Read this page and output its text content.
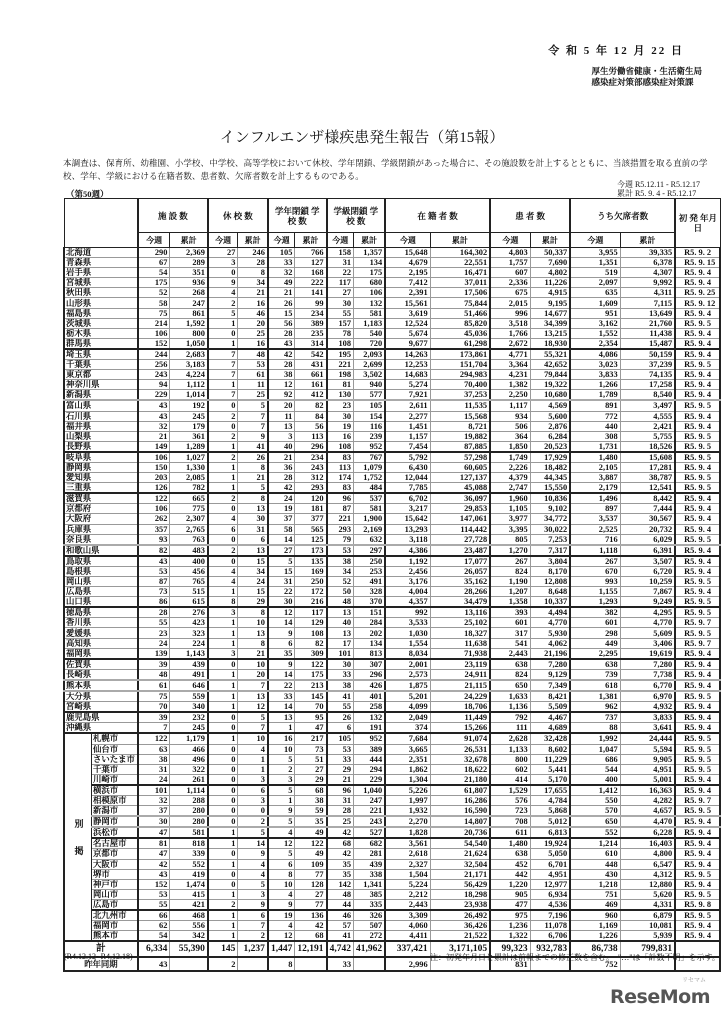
令 和 5 年 12 月 22 日
厚生労働省健康・生活衛生局
感染症対策部感染症対策課
インフルエンザ様疾患発生報告（第15報）
本調査は、保育所、幼稚園、小学校、中学校、高等学校において休校、学年閉鎖、学級閉鎖があった場合に、その施設数を計上するとともに、当該措置を取る直前の学校、学年、学級における在籍者数、患者数、欠席者数を計上するものである。
（第50週）
今週 R5.12.11 - R5.12.17
累計 R5. 9. 4 - R5.12.17
		施 設 数		休 校 数		学年閉鎖 学 校 数		学級閉鎖 学 校 数		在 籍 者 数		患 者 数		うち欠席者数		初 発 年月日
		今週	累計	今週	累計	今週	累計	今週	累計	今週	累計	今週	累計	今週	累計	
北海道		290	2,369	27	246	105	766	158	1,357	15,648	164,302	4,803	50,337	3,955	39,335	R5. 9. 2
青森県		67	289	3	28	33	127	31	134	4,679	22,551	1,757	7,690	1,351	6,378	R5. 9. 15
岩手県		54	351	0	8	32	168	22	175	2,195	16,471	607	4,802	519	4,307	R5. 9. 4
宮城県		175	936	9	34	49	222	117	680	7,412	37,011	2,336	11,226	2,097	9,992	R5. 9. 4
秋田県		52	268	4	21	21	141	27	106	2,391	17,506	675	4,915	635	4,311	R5. 9. 25
山形県		58	247	2	16	26	99	30	132	15,561	75,844	2,015	9,195	1,609	7,115	R5. 9. 12
福島県		75	861	5	46	15	234	55	581	3,619	51,466	996	14,677	951	13,649	R5. 9. 4
茨城県		214	1,592	1	20	56	389	157	1,183	12,524	85,820	3,518	34,399	3,162	21,760	R5. 9. 5
栃木県		106	800	0	25	28	235	78	540	5,674	45,036	1,766	13,215	1,552	11,438	R5. 9. 4
群馬県		152	1,050	1	16	43	314	108	720	9,677	61,298	2,672	18,930	2,354	15,487	R5. 9. 4
埼玉県		244	2,683	7	48	42	542	195	2,093	14,263	173,861	4,771	55,321	4,086	50,159	R5. 9. 4
千葉県		256	3,183	7	53	28	431	221	2,699	12,253	151,704	3,364	42,652	3,023	37,239	R5. 9. 5
東京都		243	4,224	7	61	38	661	198	3,502	14,683	294,983	4,231	79,844	3,833	74,135	R5. 9. 4
神奈川県		94	1,112	1	11	12	161	81	940	5,274	70,400	1,382	19,322	1,266	17,258	R5. 9. 4
新潟県		229	1,014	7	25	92	412	130	577	7,921	37,253	2,250	10,680	1,789	8,540	R5. 9. 4
富山県		43	192	0	5	20	82	23	105	2,611	11,535	1,117	4,569	891	3,497	R5. 9. 5
石川県		43	245	2	7	11	84	30	154	2,277	15,568	934	5,600	772	4,555	R5. 9. 4
福井県		32	179	0	7	13	56	19	116	1,451	8,721	506	2,876	440	2,421	R5. 9. 4
山梨県		21	361	2	9	3	113	16	239	1,157	19,882	364	6,284	308	5,755	R5. 9. 5
長野県		149	1,289	1	41	40	296	108	952	7,454	87,885	1,850	20,523	1,731	18,526	R5. 9. 5
岐阜県		106	1,027	2	26	21	234	83	767	5,792	57,298	1,749	17,929	1,480	15,608	R5. 9. 5
静岡県		150	1,330	1	8	36	243	113	1,079	6,430	60,605	2,226	18,482	2,105	17,281	R5. 9. 4
愛知県		203	2,085	1	21	28	312	174	1,752	12,044	127,137	4,379	44,345	3,887	38,787	R5. 9. 5
三重県		126	782	1	5	42	293	83	484	7,785	45,088	2,747	15,550	2,179	12,541	R5. 9. 5
滋賀県		122	665	2	8	24	120	96	537	6,702	36,097	1,960	10,836	1,496	8,442	R5. 9. 4
京都府		106	775	0	13	19	181	87	581	3,217	29,853	1,105	9,102	897	7,444	R5. 9. 4
大阪府		262	2,307	4	30	37	377	221	1,900	15,642	147,061	3,977	34,772	3,537	30,567	R5. 9. 4
兵庫県		357	2,765	6	31	58	565	293	2,169	13,293	114,442	3,395	30,022	2,525	20,732	R5. 9. 4
奈良県		93	763	0	6	14	125	79	632	3,118	27,728	805	7,253	716	6,029	R5. 9. 5
和歌山県		82	483	2	13	27	173	53	297	4,386	23,487	1,270	7,317	1,118	6,391	R5. 9. 4
鳥取県		43	400	0	15	5	135	38	250	1,192	17,077	267	3,804	267	3,507	R5. 9. 4
島根県		53	456	4	34	15	169	34	253	2,456	26,057	824	8,170	670	6,720	R5. 9. 4
岡山県		87	765	4	24	31	250	52	491	3,176	35,162	1,190	12,808	993	10,259	R5. 9. 5
広島県		73	515	1	15	22	172	50	328	4,004	28,266	1,207	8,648	1,155	7,867	R5. 9. 4
山口県		86	615	8	29	30	216	48	370	4,357	34,479	1,358	10,337	1,293	9,249	R5. 9. 5
徳島県		28	276	3	8	12	117	13	151	992	13,116	393	4,494	382	4,295	R5. 9. 5
香川県		55	423	1	10	14	129	40	284	3,533	25,102	601	4,770	601	4,770	R5. 9. 7
愛媛県		23	323	1	13	9	108	13	202	1,030	18,327	317	5,930	298	5,609	R5. 9. 5
高知県		24	224	1	8	6	82	17	134	1,554	11,638	541	4,062	449	3,406	R5. 9. 7
福岡県		139	1,143	3	21	35	309	101	813	8,034	71,938	2,443	21,196	2,295	19,619	R5. 9. 4
佐賀県		39	439	0	10	9	122	30	307	2,001	23,119	638	7,280	638	7,280	R5. 9. 4
長崎県		48	491	1	20	14	175	33	296	2,573	24,911	824	9,129	739	7,738	R5. 9. 4
熊本県		61	646	1	7	22	213	38	426	1,875	21,115	650	7,349	618	6,770	R5. 9. 4
大分県		75	559	1	13	33	145	41	401	5,201	24,229	1,633	8,421	1,381	6,970	R5. 9. 5
宮崎県		70	340	1	12	14	70	55	258	4,099	18,706	1,136	5,509	962	4,932	R5. 9. 4
鹿児島県		39	232	0	5	13	95	26	132	2,049	11,449	792	4,467	737	3,833	R5. 9. 4
沖縄県		7	245	0	7	1	47	6	191	374	15,266	111	4,689	88	3,641	R5. 9. 4
別　　掲	札幌市	122	1,179	1	10	16	217	105	952	7,684	91,074	2,628	32,428	1,992	24,444	R5. 9. 5
	仙台市	63	466	0	4	10	73	53	389	3,665	26,531	1,133	8,602	1,047	5,594	R5. 9. 5
	さいたま市	38	496	0	1	5	51	33	444	2,351	32,678	800	11,229	686	9,905	R5. 9. 5
	千葉市	31	322	0	1	2	27	29	294	1,862	18,622	602	5,441	544	4,951	R5. 9. 5
	川崎市	24	261	0	3	3	29	21	229	1,304	21,180	414	5,170	400	5,001	R5. 9. 4
	横浜市	101	1,114	0	6	5	68	96	1,040	5,226	61,807	1,529	17,655	1,412	16,363	R5. 9. 4
	相模原市	32	288	0	3	1	38	31	247	1,997	16,286	576	4,784	550	4,282	R5. 9. 7
	新潟市	37	280	0	0	9	59	28	221	1,932	16,590	723	5,868	570	4,657	R5. 9. 5
	静岡市	30	280	0	2	5	35	25	243	2,270	14,807	708	5,012	650	4,470	R5. 9. 4
	浜松市	47	581	1	5	4	49	42	527	1,828	20,736	611	6,813	552	6,228	R5. 9. 4
	名古屋市	81	818	1	14	12	122	68	682	3,561	54,540	1,480	19,924	1,214	16,403	R5. 9. 4
	京都市	47	339	0	9	5	49	42	281	2,618	21,624	638	5,050	610	4,800	R5. 9. 4
	大阪市	42	552	1	4	6	109	35	439	2,327	32,504	452	6,701	448	6,547	R5. 9. 4
	堺市	43	419	0	4	8	77	35	338	1,504	21,171	442	4,951	430	4,312	R5. 9. 5
	神戸市	152	1,474	0	5	10	128	142	1,341	5,224	56,429	1,220	12,977	1,218	12,880	R5. 9. 4
	岡山市	53	415	1	3	4	27	48	385	2,212	18,298	905	6,934	751	5,620	R5. 9. 5
	広島市	55	421	2	9	9	77	44	335	2,443	23,938	477	4,536	469	4,331	R5. 9. 8
	北九州市	66	468	1	6	19	136	46	326	3,309	26,492	975	7,196	960	6,879	R5. 9. 5
	福岡市	62	556	1	7	4	42	57	507	4,060	36,426	1,236	11,078	1,169	10,081	R5. 9. 4
	熊本市	54	342	1	2	12	68	41	272	4,411	21,522	1,322	6,706	1,226	5,939	R5. 9. 4
計		6,334	55,390	145	1,237	1,447	12,191	4,742	41,962	337,421	3,171,105	99,323	932,783	86,738	799,831	
昨年同期		43		2		8		33		2,996		831		752		
(R4.12.12- R4.12.18)	注：初発年月日と累計は前報までの修正数を含む。　"…"は「計数不明」を示す。
リセマム
ReseMom
